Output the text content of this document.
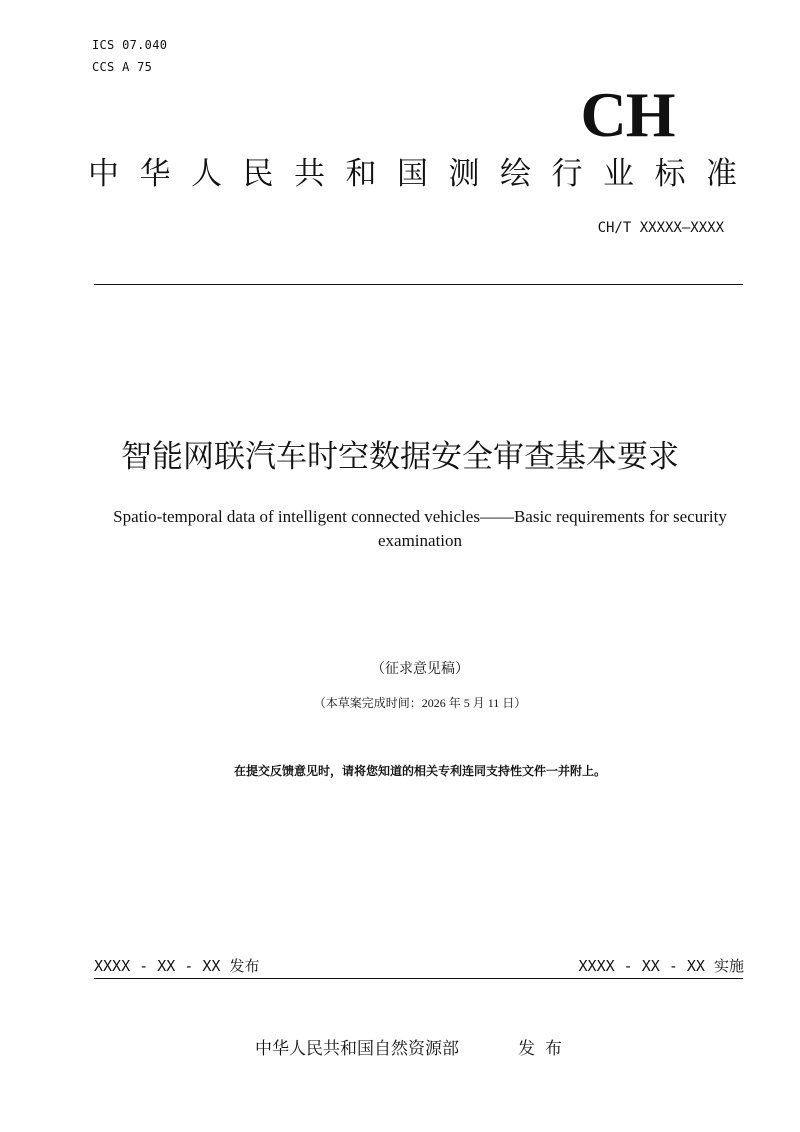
ICS 07.040
CCS A 75
CH
中华人民共和国测绘行业标准
CH/T XXXXX—XXXX
智能网联汽车时空数据安全审查基本要求
Spatio-temporal data of intelligent connected vehicles——Basic requirements for security examination
（征求意见稿）
（本草案完成时间：2026 年 5 月 11 日）
在提交反馈意见时，请将您知道的相关专利连同支持性文件一并附上。
XXXX - XX - XX 发布	XXXX - XX - XX 实施
中华人民共和国自然资源部	发布
